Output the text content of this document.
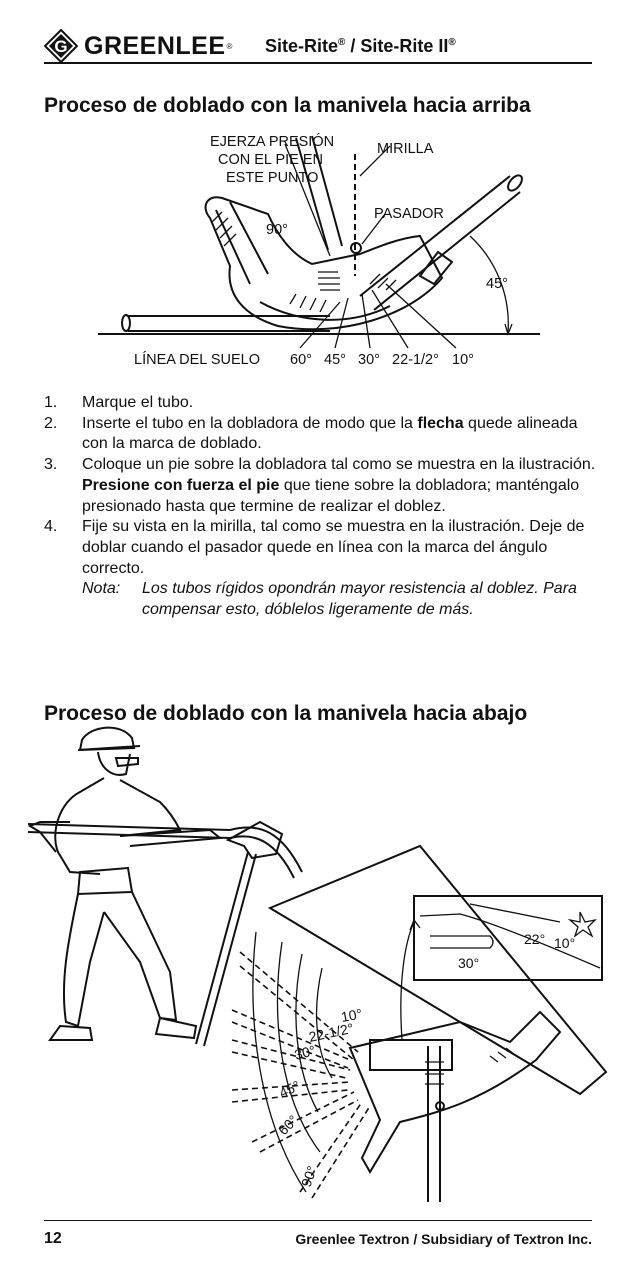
G GREENLEE ® Site-Rite® / Site-Rite II®
Proceso de doblado con la manivela hacia arriba
EJERZA PRESIÓN
CON EL PIE EN
ESTE PUNTO
MIRILLA
PASADOR
90°
45°
LÍNEA DEL SUELO 60° 45° 30° 22-1/2° 10°
1.	Marque el tubo.
2.	Inserte el tubo en la dobladora de modo que la flecha quede alineada con la marca de doblado.
3.	Coloque un pie sobre la dobladora tal como se muestra en la ilustración. Presione con fuerza el pie que tiene sobre la dobladora; manténgalo presionado hasta que termine de realizar el doblez.
4.	Fije su vista en la mirilla, tal como se muestra en la ilustración. Deje de doblar cuando el pasador quede en línea con la marca del ángulo correcto.
Nota:	Los tubos rígidos opondrán mayor resistencia al doblez. Para compensar esto, dóblelos ligeramente de más.
Proceso de doblado con la manivela hacia abajo
10°
22-1/2°
30°
45°
60°
90°
22° 10°
30°
12	Greenlee Textron / Subsidiary of Textron Inc.
